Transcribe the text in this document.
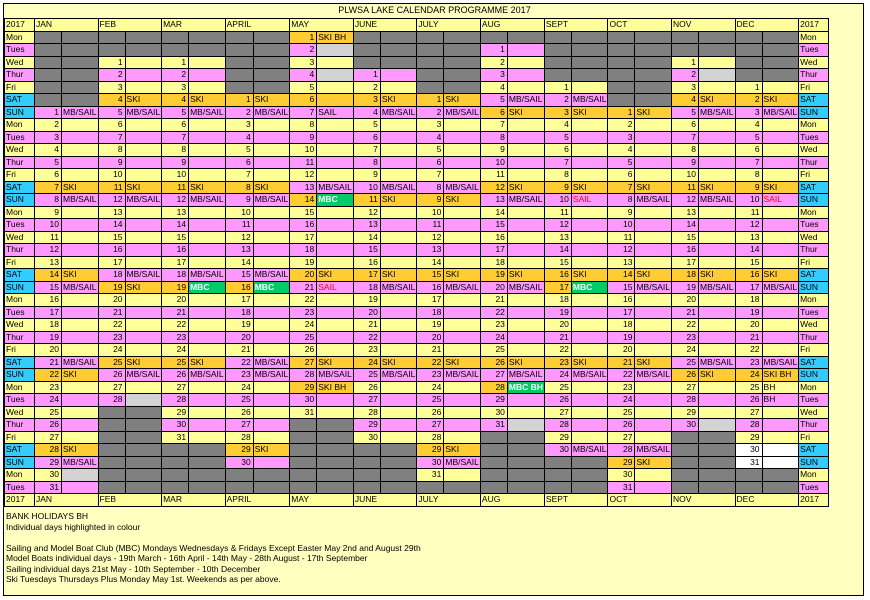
PLWSA LAKE CALENDAR PROGRAMME 2017
2017	JAN		FEB		MAR		APRIL		MAY		JUNE		JULY		AUG		SEPT		OCT		NOV		DEC		2017
Mon									1	SKI BH															Mon
Tues									2						1										Tues
Wed			1		1				3						2						1				Wed
Thur			2		2				4		1				3						2				Thur
Fri			3		3				5		2				4		1				3		1		Fri
SAT			4	SKI	4	SKI	1	SKI	6		3	SKI	1	SKI	5	MB/SAIL	2	MB/SAIL			4	SKI	2	SKI	SAT
SUN	1	MB/SAIL	5	MB/SAIL	5	MB/SAIL	2	MB/SAIL	7	SAIL	4	MB/SAIL	2	MB/SAIL	6	SKI	3	SKI	1	SKI	5	MB/SAIL	3	MB/SAIL	SUN
Mon	2		6		6		3		8		5		3		7		4		2		6		4		Mon
Tues	3		7		7		4		9		6		4		8		5		3		7		5		Tues
Wed	4		8		8		5		10		7		5		9		6		4		8		6		Wed
Thur	5		9		9		6		11		8		6		10		7		5		9		7		Thur
Fri	6		10		10		7		12		9		7		11		8		6		10		8		Fri
SAT	7	SKI	11	SKI	11	SKI	8	SKI	13	MB/SAIL	10	MB/SAIL	8	MB/SAIL	12	SKI	9	SKI	7	SKI	11	SKI	9	SKI	SAT
SUN	8	MB/SAIL	12	MB/SAIL	12	MB/SAIL	9	MB/SAIL	14	MBC	11	SKI	9	SKI	13	MB/SAIL	10	SAIL	8	MB/SAIL	12	MB/SAIL	10	SAIL	SUN
Mon	9		13		13		10		15		12		10		14		11		9		13		11		Mon
Tues	10		14		14		11		16		13		11		15		12		10		14		12		Tues
Wed	11		15		15		12		17		14		12		16		13		11		15		13		Wed
Thur	12		16		16		13		18		15		13		17		14		12		16		14		Thur
Fri	13		17		17		14		19		16		14		18		15		13		17		15		Fri
SAT	14	SKI	18	MB/SAIL	18	MB/SAIL	15	MB/SAIL	20	SKI	17	SKI	15	SKI	19	SKI	16	SKI	14	SKI	18	SKI	16	SKI	SAT
SUN	15	MB/SAIL	19	SKI	19	MBC	16	MBC	21	SAIL	18	MB/SAIL	16	MB/SAIL	20	MB/SAIL	17	MBC	15	MB/SAIL	19	MB/SAIL	17	MB/SAIL	SUN
Mon	16		20		20		17		22		19		17		21		18		16		20		18		Mon
Tues	17		21		21		18		23		20		18		22		19		17		21		19		Tues
Wed	18		22		22		19		24		21		19		23		20		18		22		20		Wed
Thur	19		23		23		20		25		22		20		24		21		19		23		21		Thur
Fri	20		24		24		21		26		23		21		25		22		20		24		22		Fri
SAT	21	MB/SAIL	25	SKI	25	SKI	22	MB/SAIL	27	SKI	24	SKI	22	SKI	26	SKI	23	SKI	21	SKI	25	MB/SAIL	23	MB/SAIL	SAT
SUN	22	SKI	26	MB/SAIL	26	MB/SAIL	23	MB/SAIL	28	MB/SAIL	25	MB/SAIL	23	MB/SAIL	27	MB/SAIL	24	MB/SAIL	22	MB/SAIL	26	SKI	24	SKI BH	SUN
Mon	23		27		27		24		29	SKI BH	26		24		28	MBC BH	25		23		27		25	BH	Mon
Tues	24		28		28		25		30		27		25		29		26		24		28		26	BH	Tues
Wed	25				29		26		31		28		26		30		27		25		29		27		Wed
Thur	26				30		27				29		27		31		28		26		30		28		Thur
Fri	27				31		28				30		28				29		27				29		Fri
SAT	28	SKI					29	SKI					29	SKI			30	MB/SAIL	28	MB/SAIL			30		SAT
SUN	29	MB/SAIL					30						30	MB/SAIL					29	SKI			31		SUN
Mon	30												31						30						Mon
Tues	31																		31						Tues
2017	JAN		FEB		MAR		APRIL		MAY		JUNE		JULY		AUG		SEPT		OCT		NOV		DEC		2017
BANK HOLIDAYS BH
Individual days highlighted in colour
Sailing and Model Boat Club (MBC) Mondays Wednesdays & Fridays Except Easter May 2nd and August 29th
Model Boats individual days - 19th March - 16th April - 14th May - 28th August - 17th September
Sailing individual days 21st May - 10th September - 10th December
Ski Tuesdays Thursdays Plus Monday May 1st. Weekends as per above.
